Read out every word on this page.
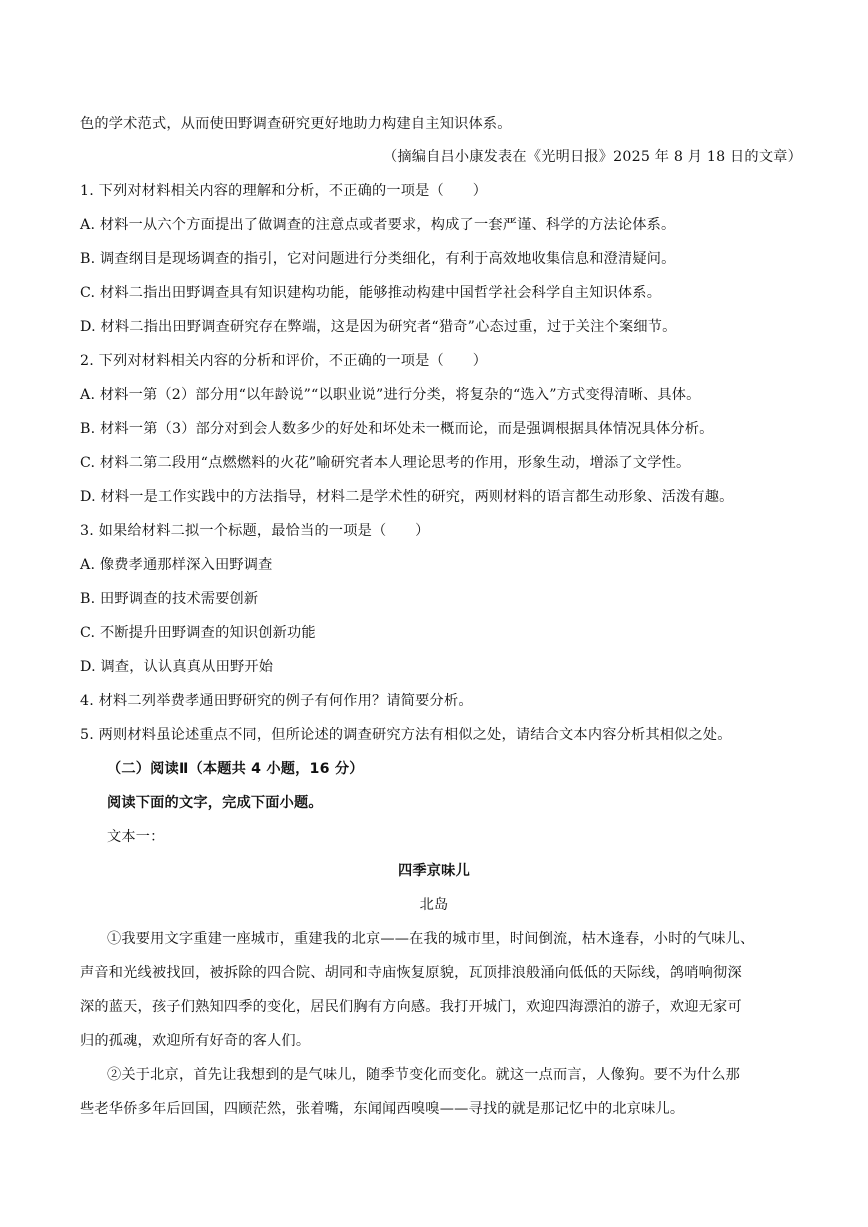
色的学术范式，从而使田野调查研究更好地助力构建自主知识体系。
（摘编自吕小康发表在《光明日报》2025 年 8 月 18 日的文章）
1. 下列对材料相关内容的理解和分析，不正确的一项是（　　）
A. 材料一从六个方面提出了做调查的注意点或者要求，构成了一套严谨、科学的方法论体系。
B. 调查纲目是现场调查的指引，它对问题进行分类细化，有利于高效地收集信息和澄清疑问。
C. 材料二指出田野调查具有知识建构功能，能够推动构建中国哲学社会科学自主知识体系。
D. 材料二指出田野调查研究存在弊端，这是因为研究者“猎奇”心态过重，过于关注个案细节。
2. 下列对材料相关内容的分析和评价，不正确的一项是（　　）
A. 材料一第（2）部分用“以年龄说”“以职业说”进行分类，将复杂的“选入”方式变得清晰、具体。
B. 材料一第（3）部分对到会人数多少的好处和坏处未一概而论，而是强调根据具体情况具体分析。
C. 材料二第二段用“点燃燃料的火花”喻研究者本人理论思考的作用，形象生动，增添了文学性。
D. 材料一是工作实践中的方法指导，材料二是学术性的研究，两则材料的语言都生动形象、活泼有趣。
3. 如果给材料二拟一个标题，最恰当的一项是（　　）
A. 像费孝通那样深入田野调查
B. 田野调查的技术需要创新
C. 不断提升田野调查的知识创新功能
D. 调查，认认真真从田野开始
4. 材料二列举费孝通田野研究的例子有何作用？请简要分析。
5. 两则材料虽论述重点不同，但所论述的调查研究方法有相似之处，请结合文本内容分析其相似之处。
（二）阅读Ⅱ（本题共 4 小题，16 分）
阅读下面的文字，完成下面小题。
文本一：
四季京味儿
北岛
①我要用文字重建一座城市，重建我的北京——在我的城市里，时间倒流，枯木逢春，小时的气味儿、
声音和光线被找回，被拆除的四合院、胡同和寺庙恢复原貌，瓦顶排浪般涌向低低的天际线，鸽哨响彻深
深的蓝天，孩子们熟知四季的变化，居民们胸有方向感。我打开城门，欢迎四海漂泊的游子，欢迎无家可
归的孤魂，欢迎所有好奇的客人们。
②关于北京，首先让我想到的是气味儿，随季节变化而变化。就这一点而言，人像狗。要不为什么那
些老华侨多年后回国，四顾茫然，张着嘴，东闻闻西嗅嗅——寻找的就是那记忆中的北京味儿。
